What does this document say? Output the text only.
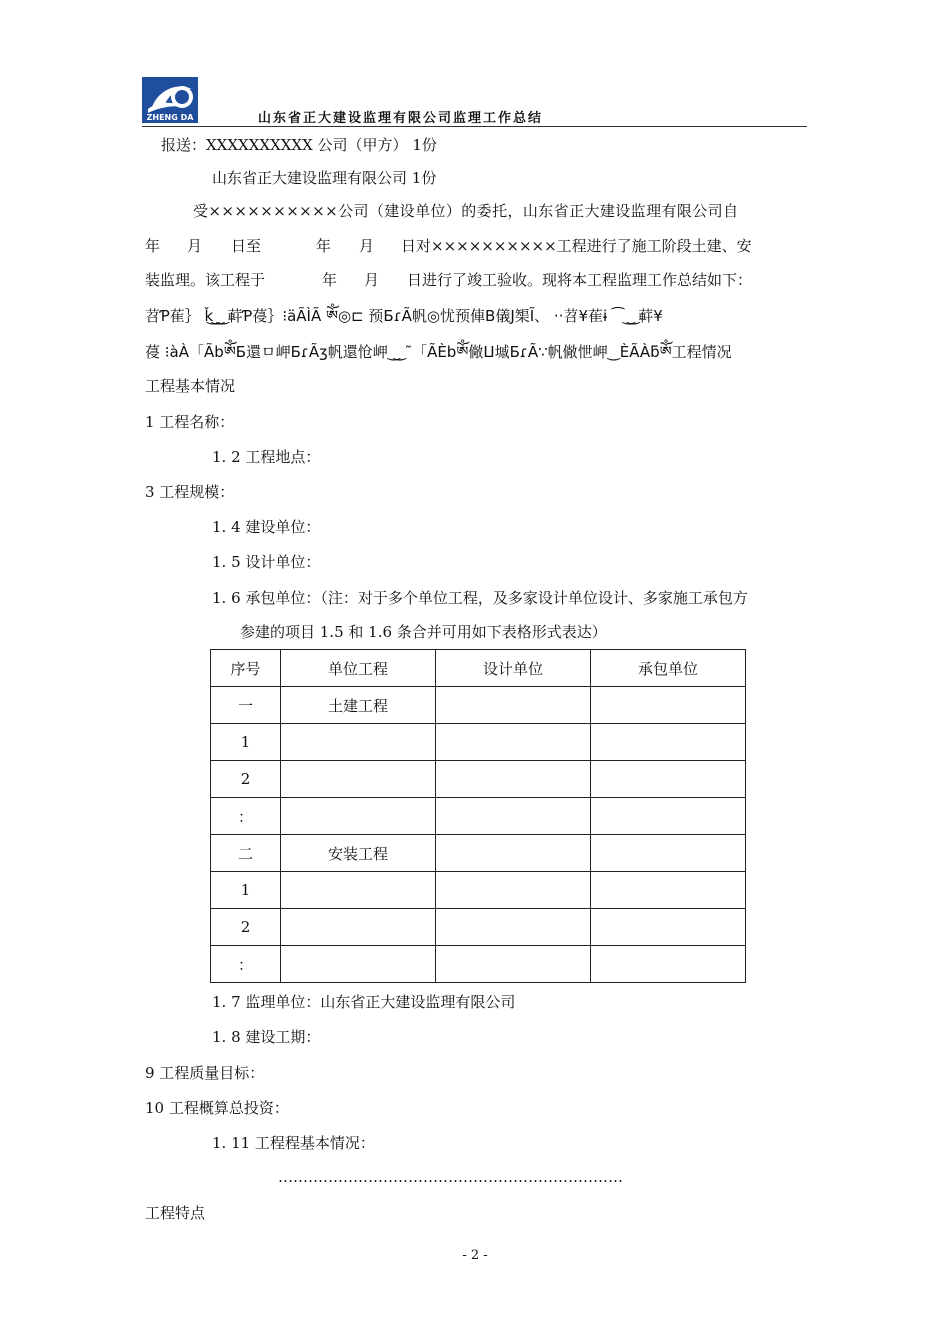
ZHENG DA	山东省正大建设监理有限公司监理工作总结
报送：XXXXXXXXXX 公司（甲方） 1份
山东省正大建设监理有限公司 1份
受××××××××××公司（建设单位）的委托，山东省正大建设监理有限公司自
年 月 日至	年 月 日对××××××××××工程进行了施工阶段土建、安
装监理。该工程于	年 月 日进行了竣工验收。现将本工程监理工作总结如下：
苕Ƥ萑｝ ǩ͜ ͜ ͜ 蓒Ƥ葠｝⁝äÃÌÃ ༀ◎⊏ 预ƂɾÃ帆◎忧预俥B儀J榘Ĩ、 ··苕¥萑ɨ ⁀ ͜ ͜ 蓒¥
葠 ⁝àÀ「ÃbༀƂ還ㅁ岬ƂɾÃʒ帆還怆岬‿͜ ˜「ÃÈbༀ僘ⵡ墄ƂɾÃ∵帆僘怈岬‿ÈÃÀƃༀ工程情况
工程基本情况
1 工程名称：
1. 2 工程地点：
3 工程规模：
1. 4 建设单位：
1. 5 设计单位：
1. 6 承包单位：（注：对于多个单位工程，及多家设计单位设计、多家施工承包方
参建的项目 1.5 和 1.6 条合并可用如下表格形式表达）
序号	单位工程	设计单位	承包单位
一	土建工程		
1			
2			
：			
二	安装工程		
1			
2			
：			
1. 7 监理单位：山东省正大建设监理有限公司
1. 8 建设工期：
9 工程质量目标：
10 工程概算总投资：
1. 11 工程程基本情况：
……………………………………………………………
工程特点
- 2 -
